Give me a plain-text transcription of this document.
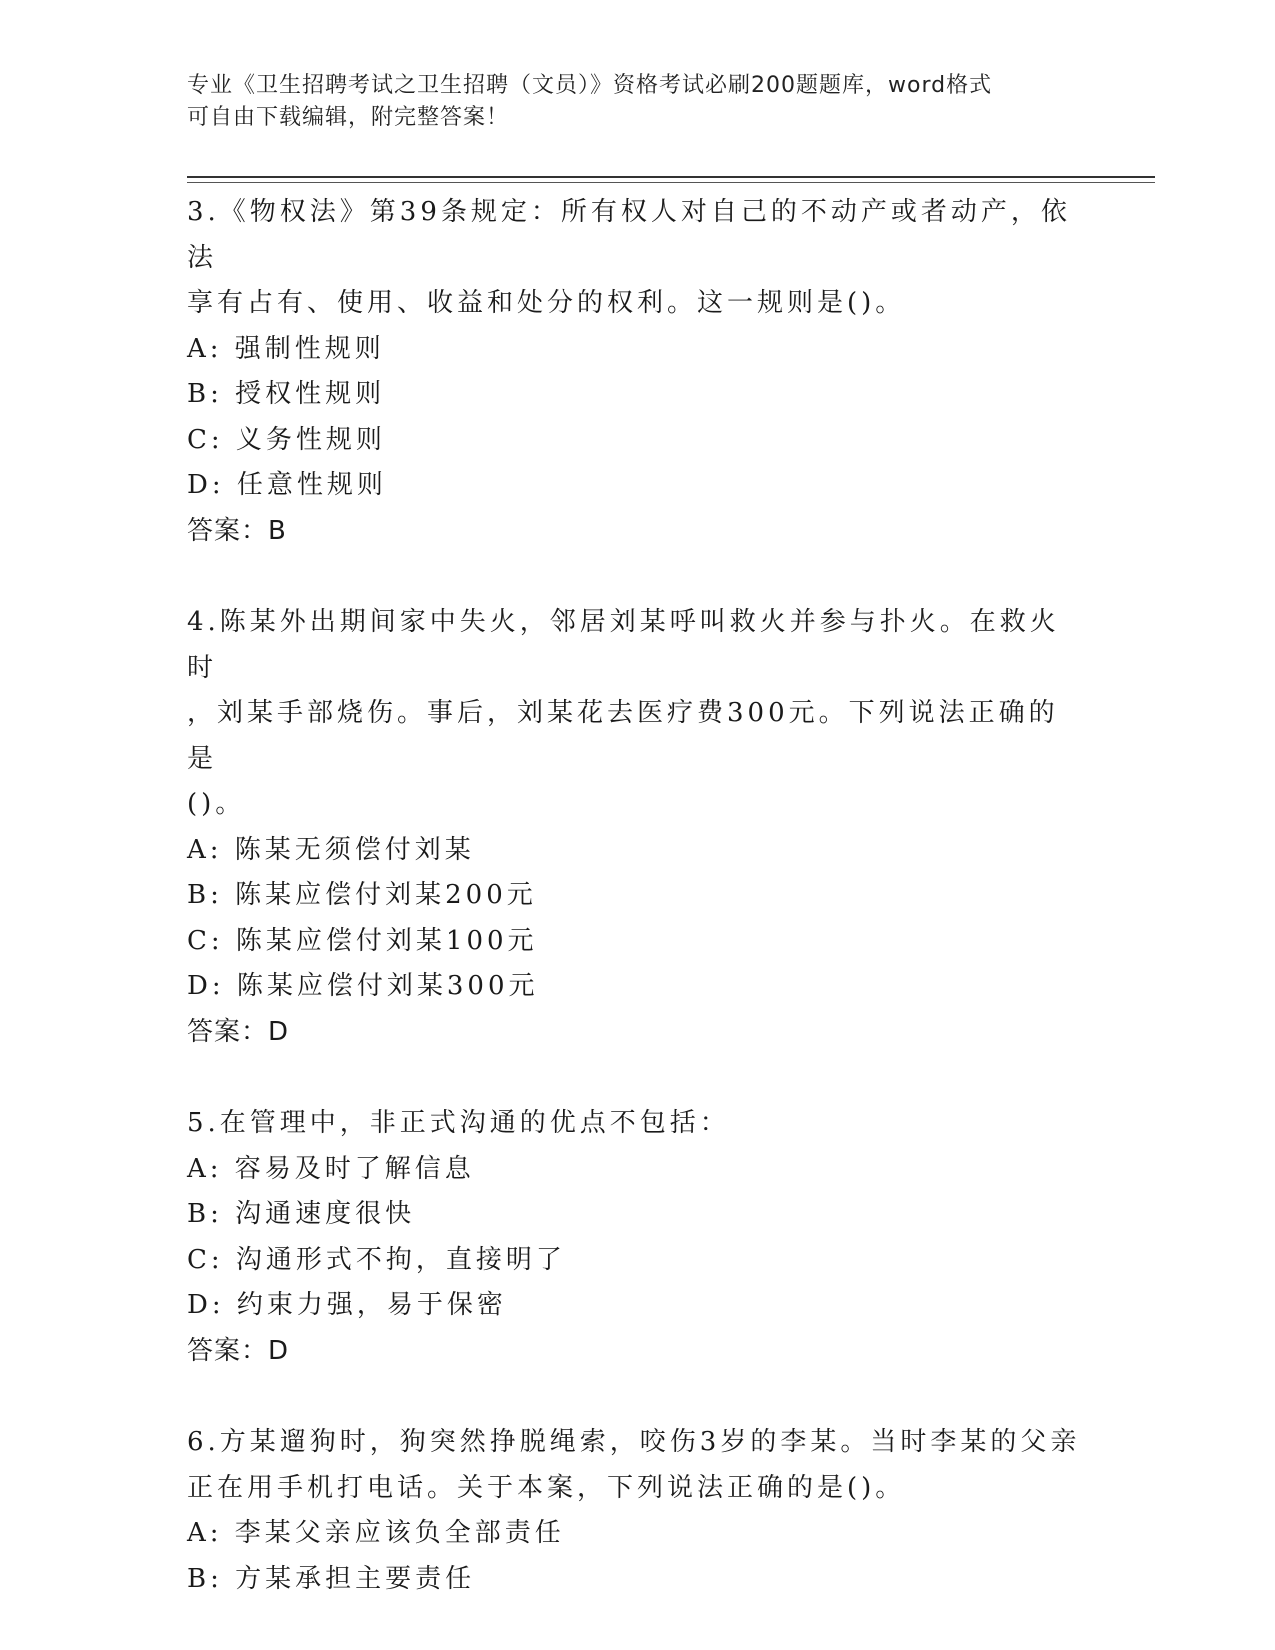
专业《卫生招聘考试之卫生招聘（文员）》资格考试必刷200题题库，word格式

可自由下载编辑，附完整答案！

3.《物权法》第39条规定：所有权人对自己的不动产或者动产，依法

享有占有、使用、收益和处分的权利。这一规则是()。

A: 强制性规则

B: 授权性规则

C: 义务性规则

D: 任意性规则

答案：B

4.陈某外出期间家中失火，邻居刘某呼叫救火并参与扑火。在救火时

，刘某手部烧伤。事后，刘某花去医疗费300元。下列说法正确的是

()。

A: 陈某无须偿付刘某

B: 陈某应偿付刘某200元

C: 陈某应偿付刘某100元

D: 陈某应偿付刘某300元

答案：D

5.在管理中，非正式沟通的优点不包括：

A: 容易及时了解信息

B: 沟通速度很快

C: 沟通形式不拘，直接明了

D: 约束力强，易于保密

答案：D

6.方某遛狗时，狗突然挣脱绳索，咬伤3岁的李某。当时李某的父亲

正在用手机打电话。关于本案，下列说法正确的是()。

A: 李某父亲应该负全部责任

B: 方某承担主要责任
